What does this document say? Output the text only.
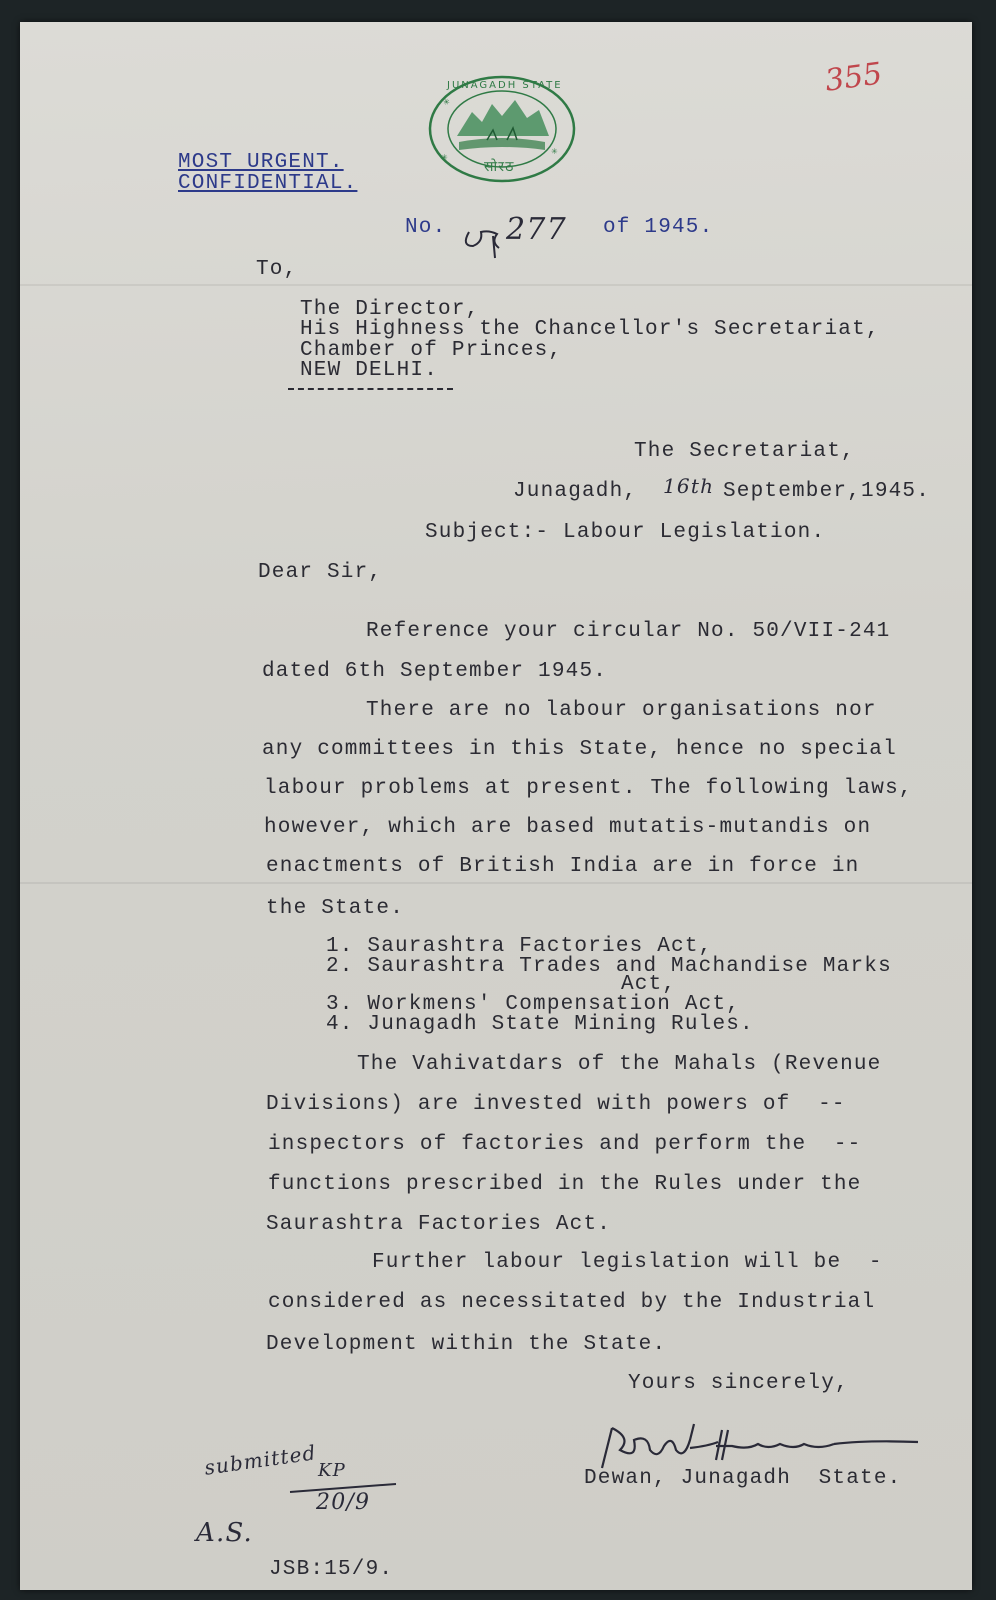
✳
✳
✳
JUNAGADH STATE
सोरठ
355
MOST URGENT.
CONFIDENTIAL.
No. 277 of 1945.
To,
The Director,
His Highness the Chancellor's Secretariat,
Chamber of Princes,
NEW DELHI.
The Secretariat,
Junagadh, 16th September,1945.
Subject:- Labour Legislation.
Dear Sir,
Reference your circular No. 50/VII-241
dated 6th September 1945.
There are no labour organisations nor
any committees in this State, hence no special
labour problems at present. The following laws,
however, which are based mutatis-mutandis on
enactments of British India are in force in
the State.
1. Saurashtra Factories Act,
2. Saurashtra Trades and Machandise Marks
Act,
3. Workmens' Compensation Act,
4. Junagadh State Mining Rules.
The Vahivatdars of the Mahals (Revenue
Divisions) are invested with powers of  --
inspectors of factories and perform the  --
functions prescribed in the Rules under the
Saurashtra Factories Act.
Further labour legislation will be  -
considered as necessitated by the Industrial
Development within the State.
Yours sincerely,
Dewan, Junagadh  State.
submitted KP
20/9
A.S.
JSB:15/9.
